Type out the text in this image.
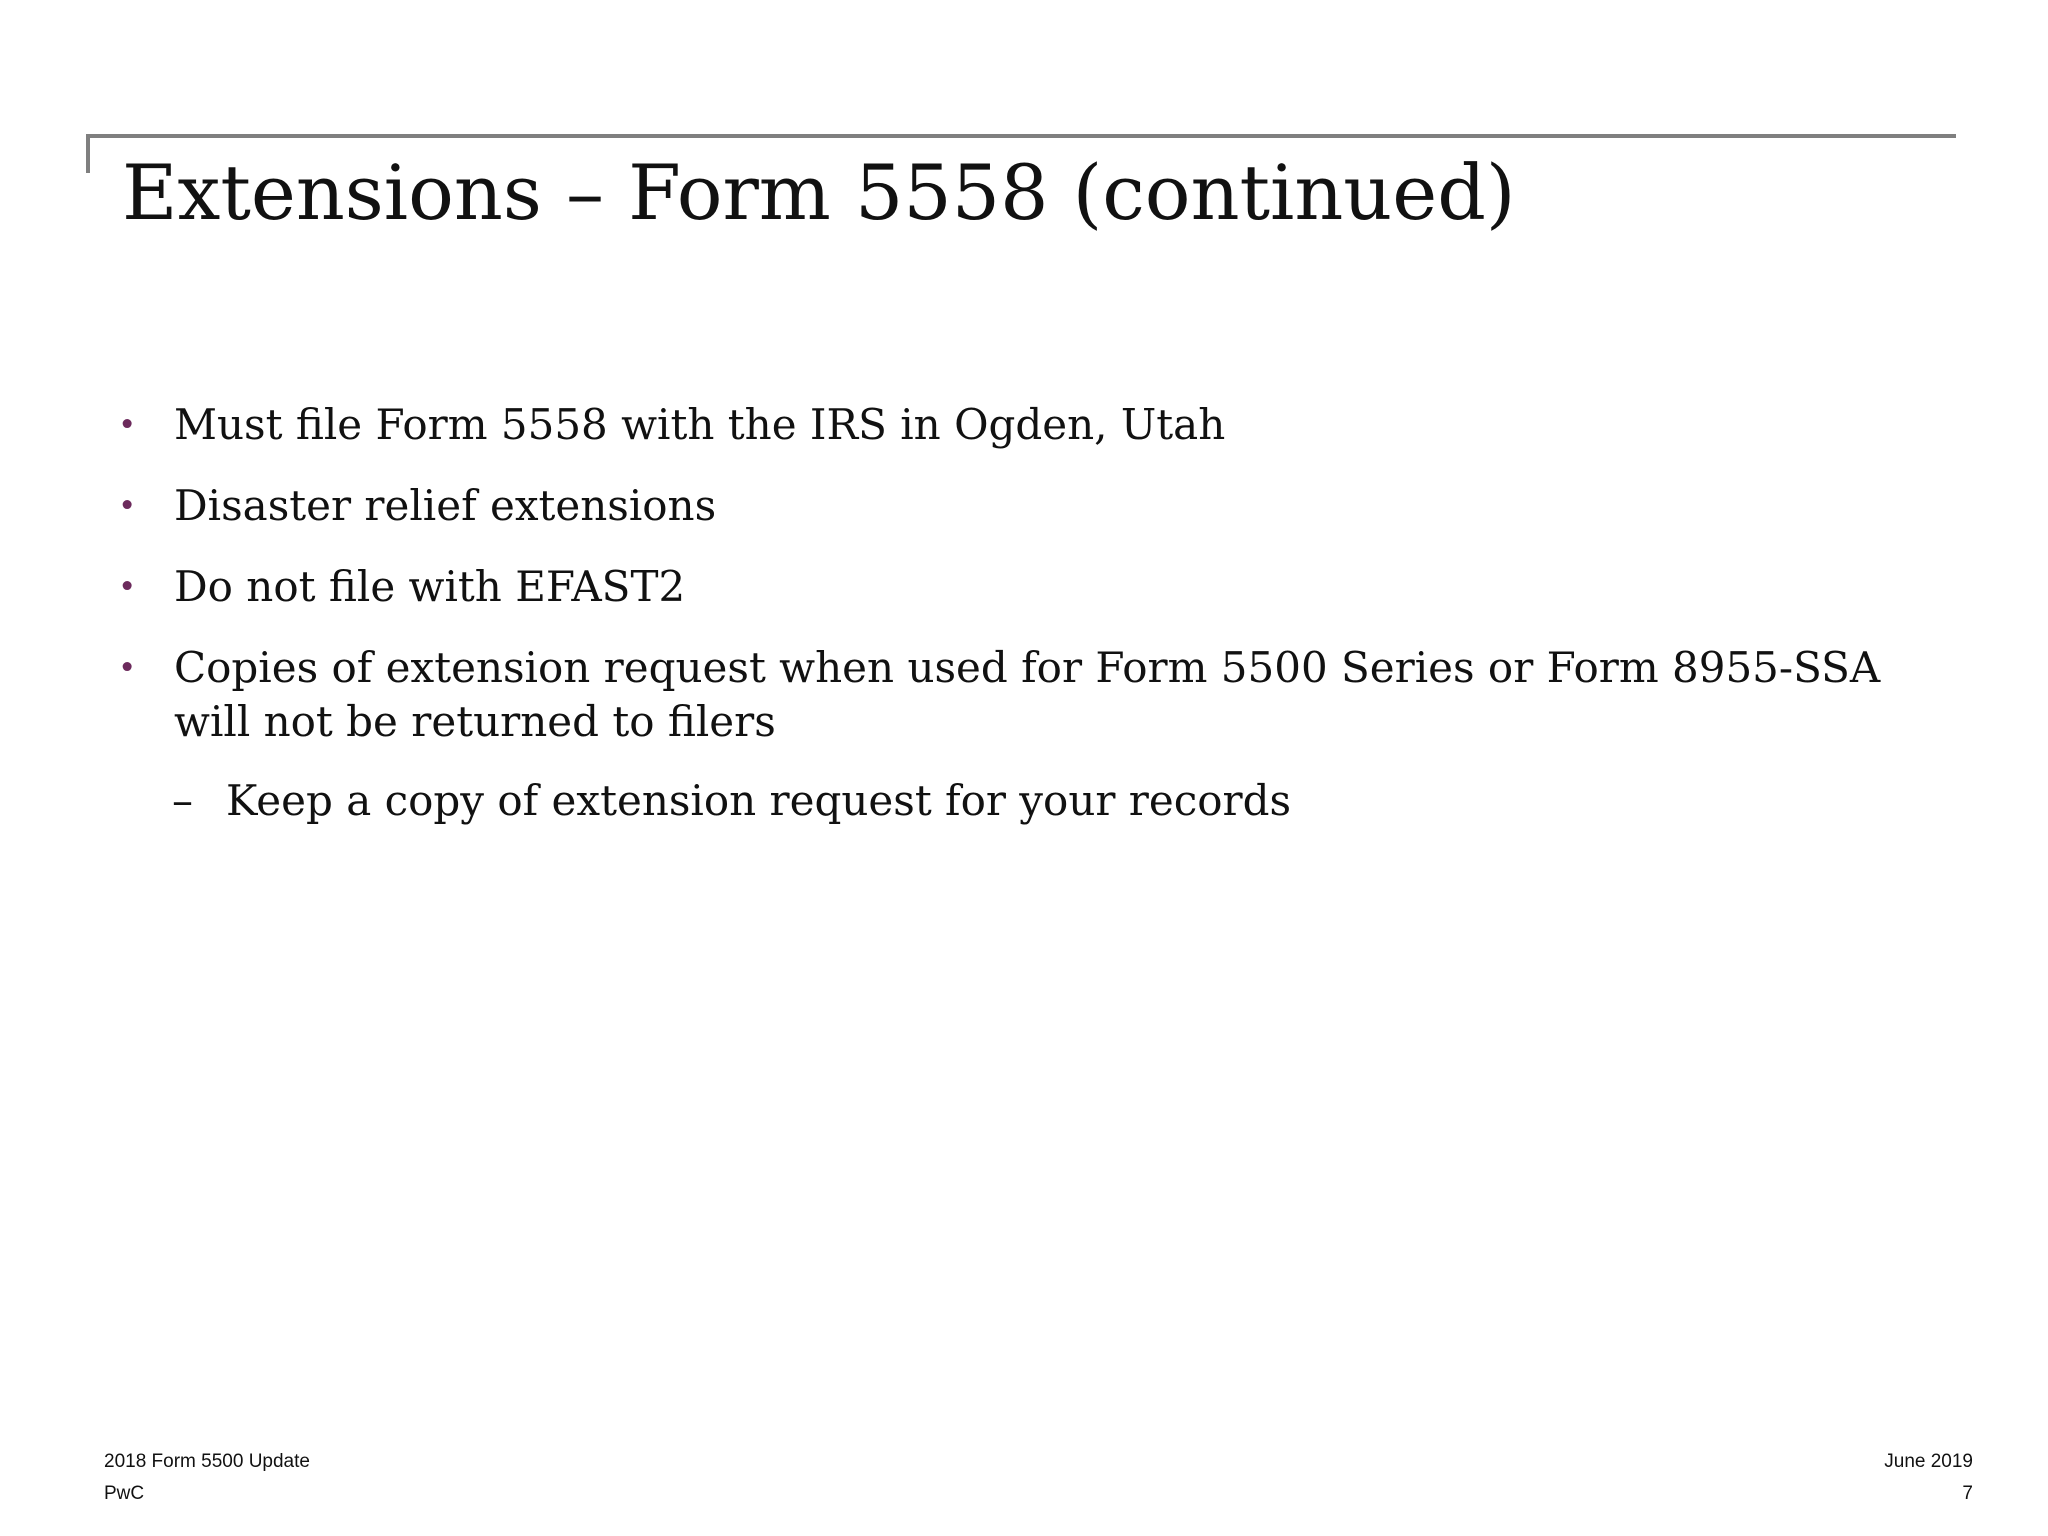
Extensions – Form 5558 (continued)
• Must file Form 5558 with the IRS in Ogden, Utah
• Disaster relief extensions
• Do not file with EFAST2
• Copies of extension request when used for Form 5500 Series or Form 8955-SSA will not be returned to filers
– Keep a copy of extension request for your records
2018 Form 5500 Update
PwC
June 2019
7
